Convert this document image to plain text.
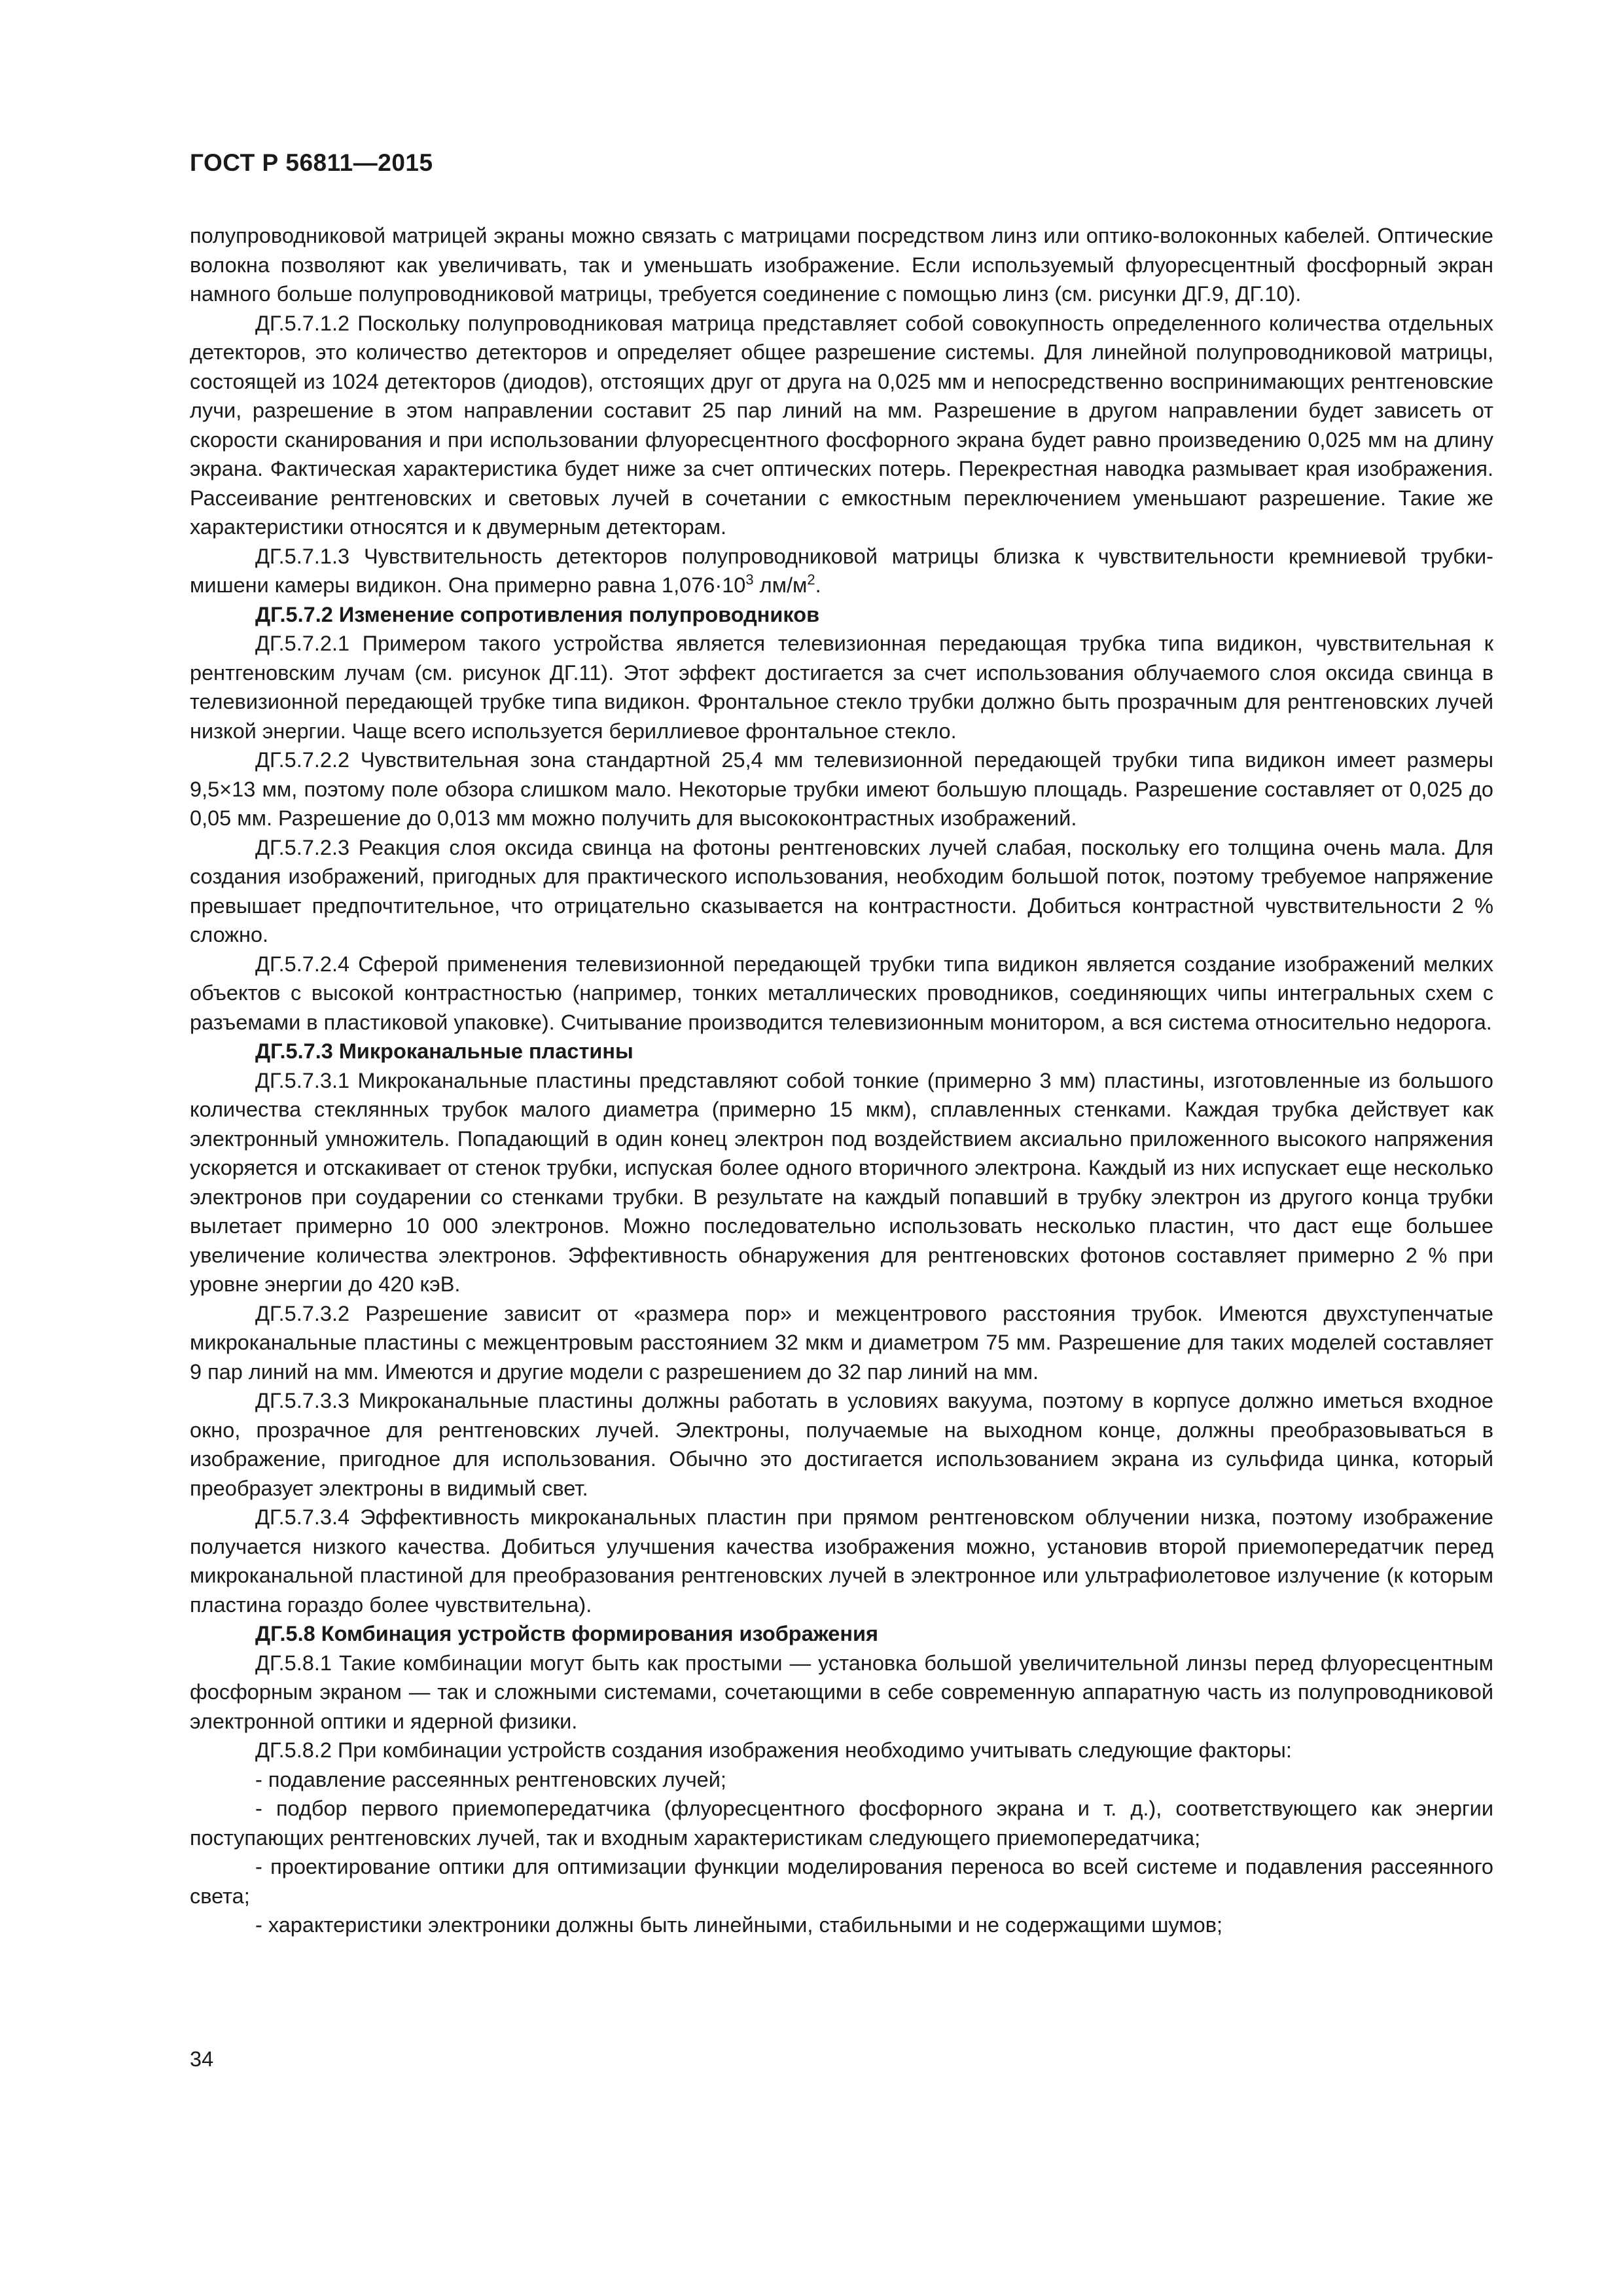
ГОСТ Р 56811—2015

полупроводниковой матрицей экраны можно связать с матрицами посредством линз или оптико-волоконных кабелей. Оптические волокна позволяют как увеличивать, так и уменьшать изображение. Если используемый флуоресцентный фосфорный экран намного больше полупроводниковой матрицы, требуется соединение с помощью линз (см. рисунки ДГ.9, ДГ.10).

ДГ.5.7.1.2 Поскольку полупроводниковая матрица представляет собой совокупность определенного количества отдельных детекторов, это количество детекторов и определяет общее разрешение системы. Для линейной полупроводниковой матрицы, состоящей из 1024 детекторов (диодов), отстоящих друг от друга на 0,025 мм и непосредственно воспринимающих рентгеновские лучи, разрешение в этом направлении составит 25 пар линий на мм. Разрешение в другом направлении будет зависеть от скорости сканирования и при использовании флуоресцентного фосфорного экрана будет равно произведению 0,025 мм на длину экрана. Фактическая характеристика будет ниже за счет оптических потерь. Перекрестная наводка размывает края изображения. Рассеивание рентгеновских и световых лучей в сочетании с емкостным переключением уменьшают разрешение. Такие же характеристики относятся и к двумерным детекторам.

ДГ.5.7.1.3 Чувствительность детекторов полупроводниковой матрицы близка к чувствительности кремниевой трубки-мишени камеры видикон. Она примерно равна $1,076\cdot 10^3$ $лм/м^2$.

ДГ.5.7.2 Изменение сопротивления полупроводников

ДГ.5.7.2.1 Примером такого устройства является телевизионная передающая трубка типа видикон, чувствительная к рентгеновским лучам (см. рисунок ДГ.11). Этот эффект достигается за счет использования облучаемого слоя оксида свинца в телевизионной передающей трубке типа видикон. Фронтальное стекло трубки должно быть прозрачным для рентгеновских лучей низкой энергии. Чаще всего используется бериллиевое фронтальное стекло.

ДГ.5.7.2.2 Чувствительная зона стандартной 25,4 мм телевизионной передающей трубки типа видикон имеет размеры 9,5×13 мм, поэтому поле обзора слишком мало. Некоторые трубки имеют большую площадь. Разрешение составляет от 0,025 до 0,05 мм. Разрешение до 0,013 мм можно получить для высококонтрастных изображений.

ДГ.5.7.2.3 Реакция слоя оксида свинца на фотоны рентгеновских лучей слабая, поскольку его толщина очень мала. Для создания изображений, пригодных для практического использования, необходим большой поток, поэтому требуемое напряжение превышает предпочтительное, что отрицательно сказывается на контрастности. Добиться контрастной чувствительности 2 % сложно.

ДГ.5.7.2.4 Сферой применения телевизионной передающей трубки типа видикон является создание изображений мелких объектов с высокой контрастностью (например, тонких металлических проводников, соединяющих чипы интегральных схем с разъемами в пластиковой упаковке). Считывание производится телевизионным монитором, а вся система относительно недорога.

ДГ.5.7.3 Микроканальные пластины

ДГ.5.7.3.1 Микроканальные пластины представляют собой тонкие (примерно 3 мм) пластины, изготовленные из большого количества стеклянных трубок малого диаметра (примерно 15 мкм), сплавленных стенками. Каждая трубка действует как электронный умножитель. Попадающий в один конец электрон под воздействием аксиально приложенного высокого напряжения ускоряется и отскакивает от стенок трубки, испуская более одного вторичного электрона. Каждый из них испускает еще несколько электронов при соударении со стенками трубки. В результате на каждый попавший в трубку электрон из другого конца трубки вылетает примерно 10 000 электронов. Можно последовательно использовать несколько пластин, что даст еще большее увеличение количества электронов. Эффективность обнаружения для рентгеновских фотонов составляет примерно 2 % при уровне энергии до 420 кэВ.

ДГ.5.7.3.2 Разрешение зависит от «размера пор» и межцентрового расстояния трубок. Имеются двухступенчатые микроканальные пластины с межцентровым расстоянием 32 мкм и диаметром 75 мм. Разрешение для таких моделей составляет 9 пар линий на мм. Имеются и другие модели с разрешением до 32 пар линий на мм.

ДГ.5.7.3.3 Микроканальные пластины должны работать в условиях вакуума, поэтому в корпусе должно иметься входное окно, прозрачное для рентгеновских лучей. Электроны, получаемые на выходном конце, должны преобразовываться в изображение, пригодное для использования. Обычно это достигается использованием экрана из сульфида цинка, который преобразует электроны в видимый свет.

ДГ.5.7.3.4 Эффективность микроканальных пластин при прямом рентгеновском облучении низка, поэтому изображение получается низкого качества. Добиться улучшения качества изображения можно, установив второй приемопередатчик перед микроканальной пластиной для преобразования рентгеновских лучей в электронное или ультрафиолетовое излучение (к которым пластина гораздо более чувствительна).

ДГ.5.8 Комбинация устройств формирования изображения

ДГ.5.8.1 Такие комбинации могут быть как простыми — установка большой увеличительной линзы перед флуоресцентным фосфорным экраном — так и сложными системами, сочетающими в себе современную аппаратную часть из полупроводниковой электронной оптики и ядерной физики.

ДГ.5.8.2 При комбинации устройств создания изображения необходимо учитывать следующие факторы:

- подавление рассеянных рентгеновских лучей;

- подбор первого приемопередатчика (флуоресцентного фосфорного экрана и т. д.), соответствующего как энергии поступающих рентгеновских лучей, так и входным характеристикам следующего приемопередатчика;

- проектирование оптики для оптимизации функции моделирования переноса во всей системе и подавления рассеянного света;

- характеристики электроники должны быть линейными, стабильными и не содержащими шумов;

34
